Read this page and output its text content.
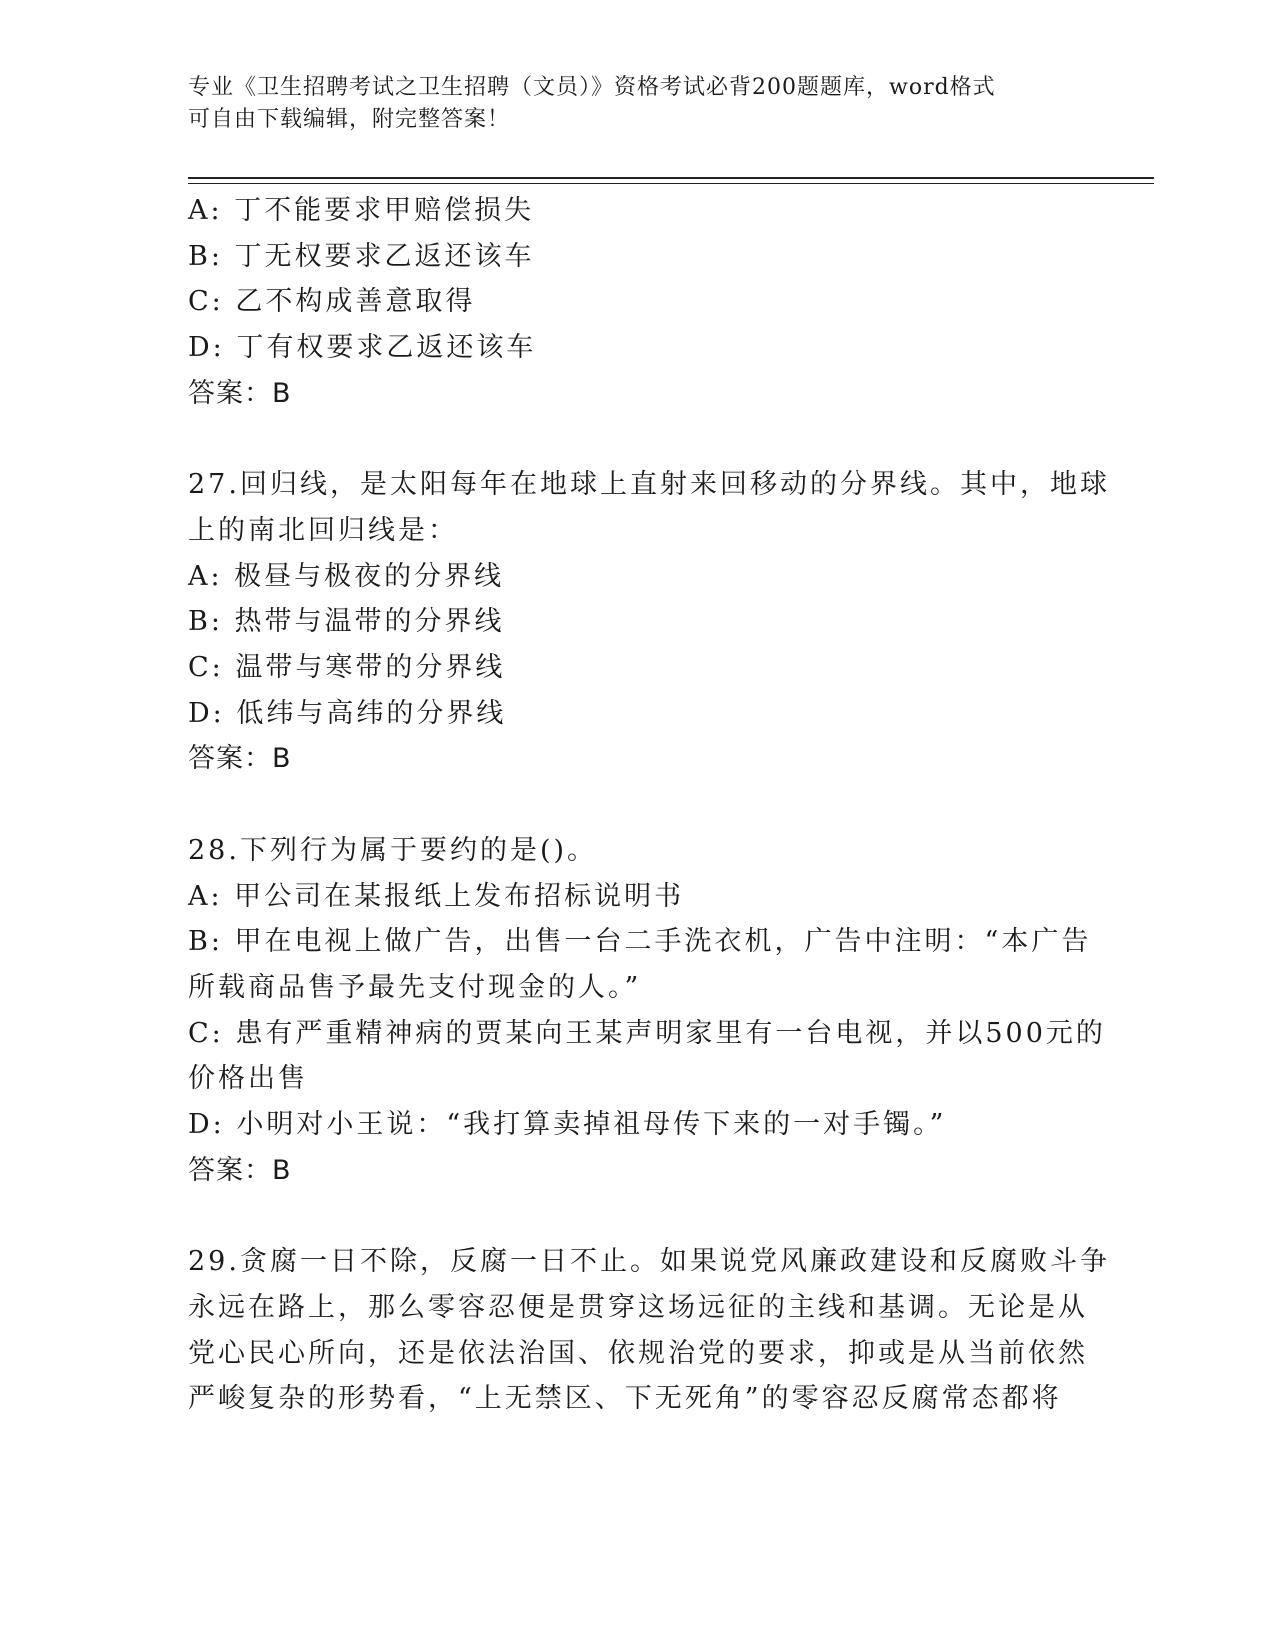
专业《卫生招聘考试之卫生招聘（文员）》资格考试必背200题题库，word格式
可自由下载编辑，附完整答案！
A: 丁不能要求甲赔偿损失
B: 丁无权要求乙返还该车
C: 乙不构成善意取得
D: 丁有权要求乙返还该车
答案：B
27.回归线，是太阳每年在地球上直射来回移动的分界线。其中，地球
上的南北回归线是：
A: 极昼与极夜的分界线
B: 热带与温带的分界线
C: 温带与寒带的分界线
D: 低纬与高纬的分界线
答案：B
28.下列行为属于要约的是()。
A: 甲公司在某报纸上发布招标说明书
B: 甲在电视上做广告，出售一台二手洗衣机，广告中注明：“本广告
所载商品售予最先支付现金的人。”
C: 患有严重精神病的贾某向王某声明家里有一台电视，并以500元的
价格出售
D: 小明对小王说：“我打算卖掉祖母传下来的一对手镯。”
答案：B
29.贪腐一日不除，反腐一日不止。如果说党风廉政建设和反腐败斗争
永远在路上，那么零容忍便是贯穿这场远征的主线和基调。无论是从
党心民心所向，还是依法治国、依规治党的要求，抑或是从当前依然
严峻复杂的形势看，“上无禁区、下无死角”的零容忍反腐常态都将
